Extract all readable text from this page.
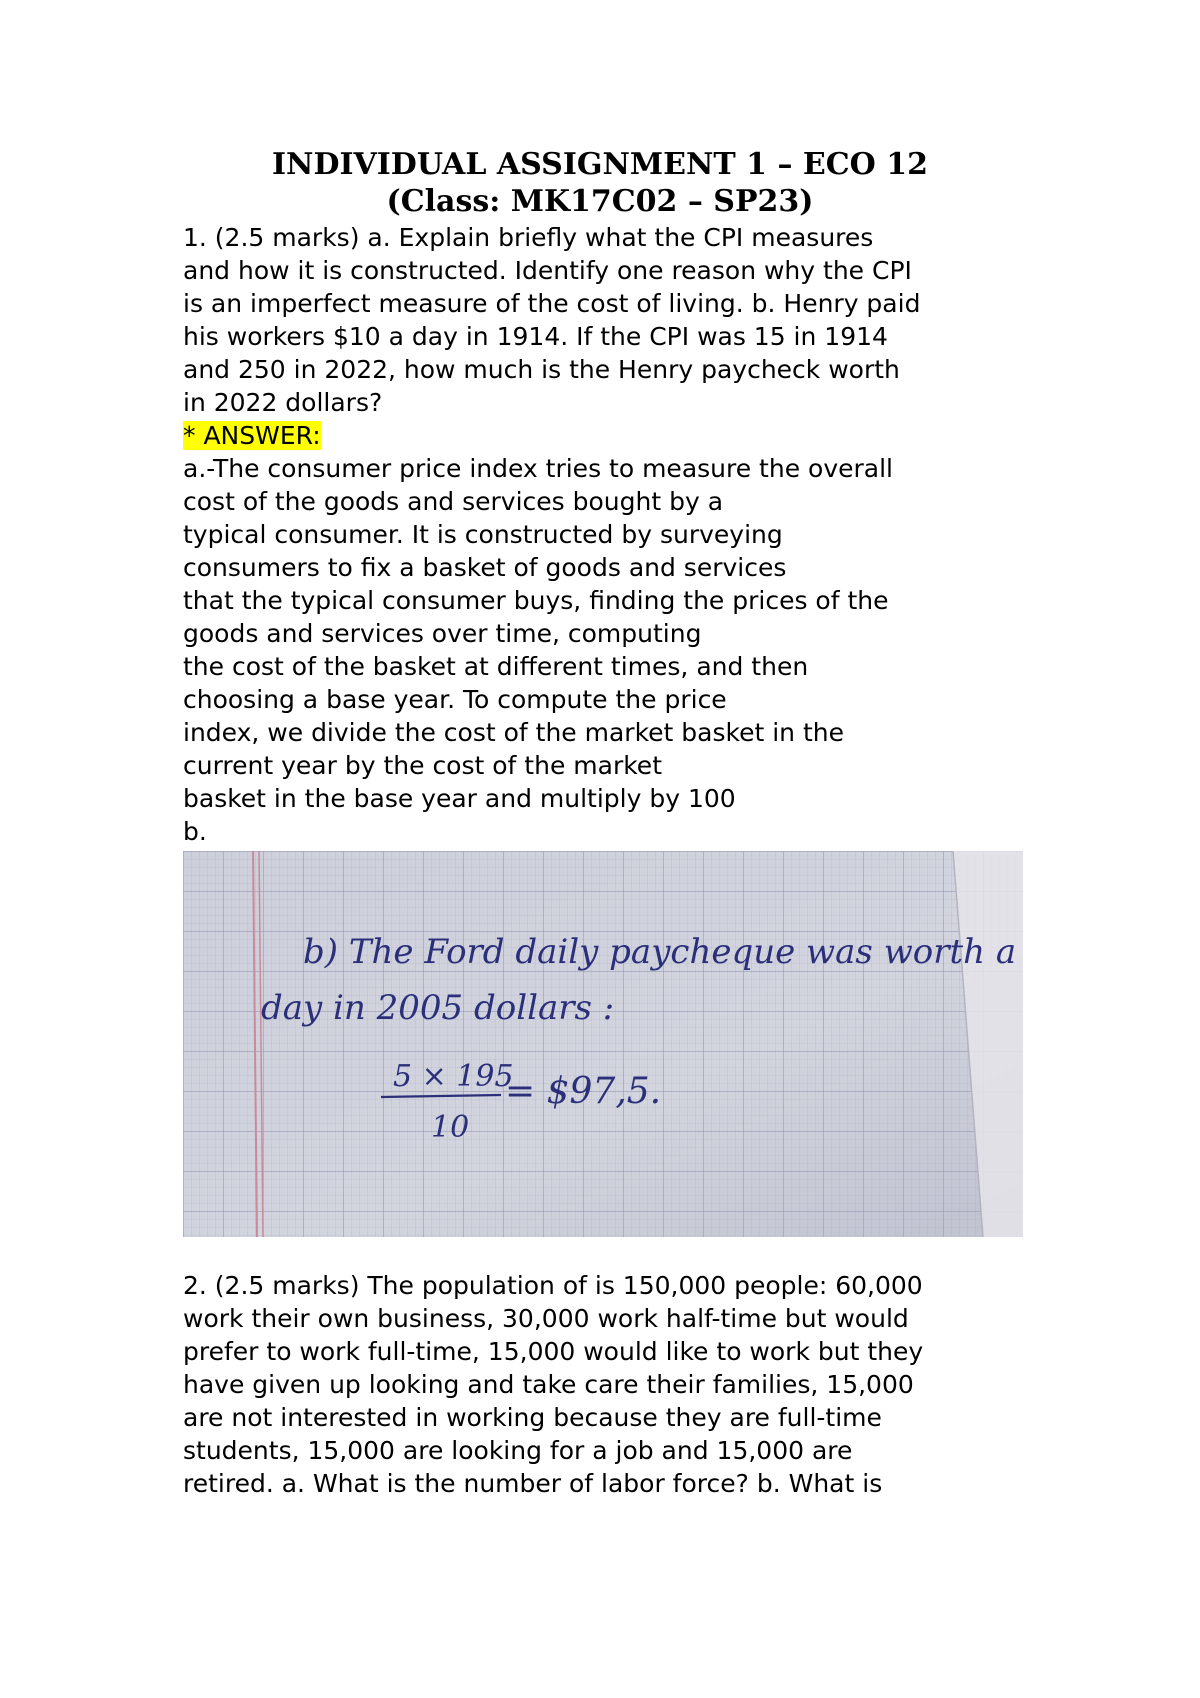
INDIVIDUAL ASSIGNMENT 1 – ECO 12
(Class: MK17C02 – SP23)
1. (2.5 marks) a. Explain briefly what the CPI measures
and how it is constructed. Identify one reason why the CPI
is an imperfect measure of the cost of living. b. Henry paid
his workers $10 a day in 1914. If the CPI was 15 in 1914
and 250 in 2022, how much is the Henry paycheck worth
in 2022 dollars?
* ANSWER:
a.-The consumer price index tries to measure the overall
cost of the goods and services bought by a
typical consumer. It is constructed by surveying
consumers to fix a basket of goods and services
that the typical consumer buys, finding the prices of the
goods and services over time, computing
the cost of the basket at different times, and then
choosing a base year. To compute the price
index, we divide the cost of the market basket in the
current year by the cost of the market
basket in the base year and multiply by 100
b.
b) The Ford daily paycheque was worth a
day in 2005 dollars :
5 × 195
10
= $97,5.
2. (2.5 marks) The population of is 150,000 people: 60,000
work their own business, 30,000 work half-time but would
prefer to work full-time, 15,000 would like to work but they
have given up looking and take care their families, 15,000
are not interested in working because they are full-time
students, 15,000 are looking for a job and 15,000 are
retired. a. What is the number of labor force? b. What is
